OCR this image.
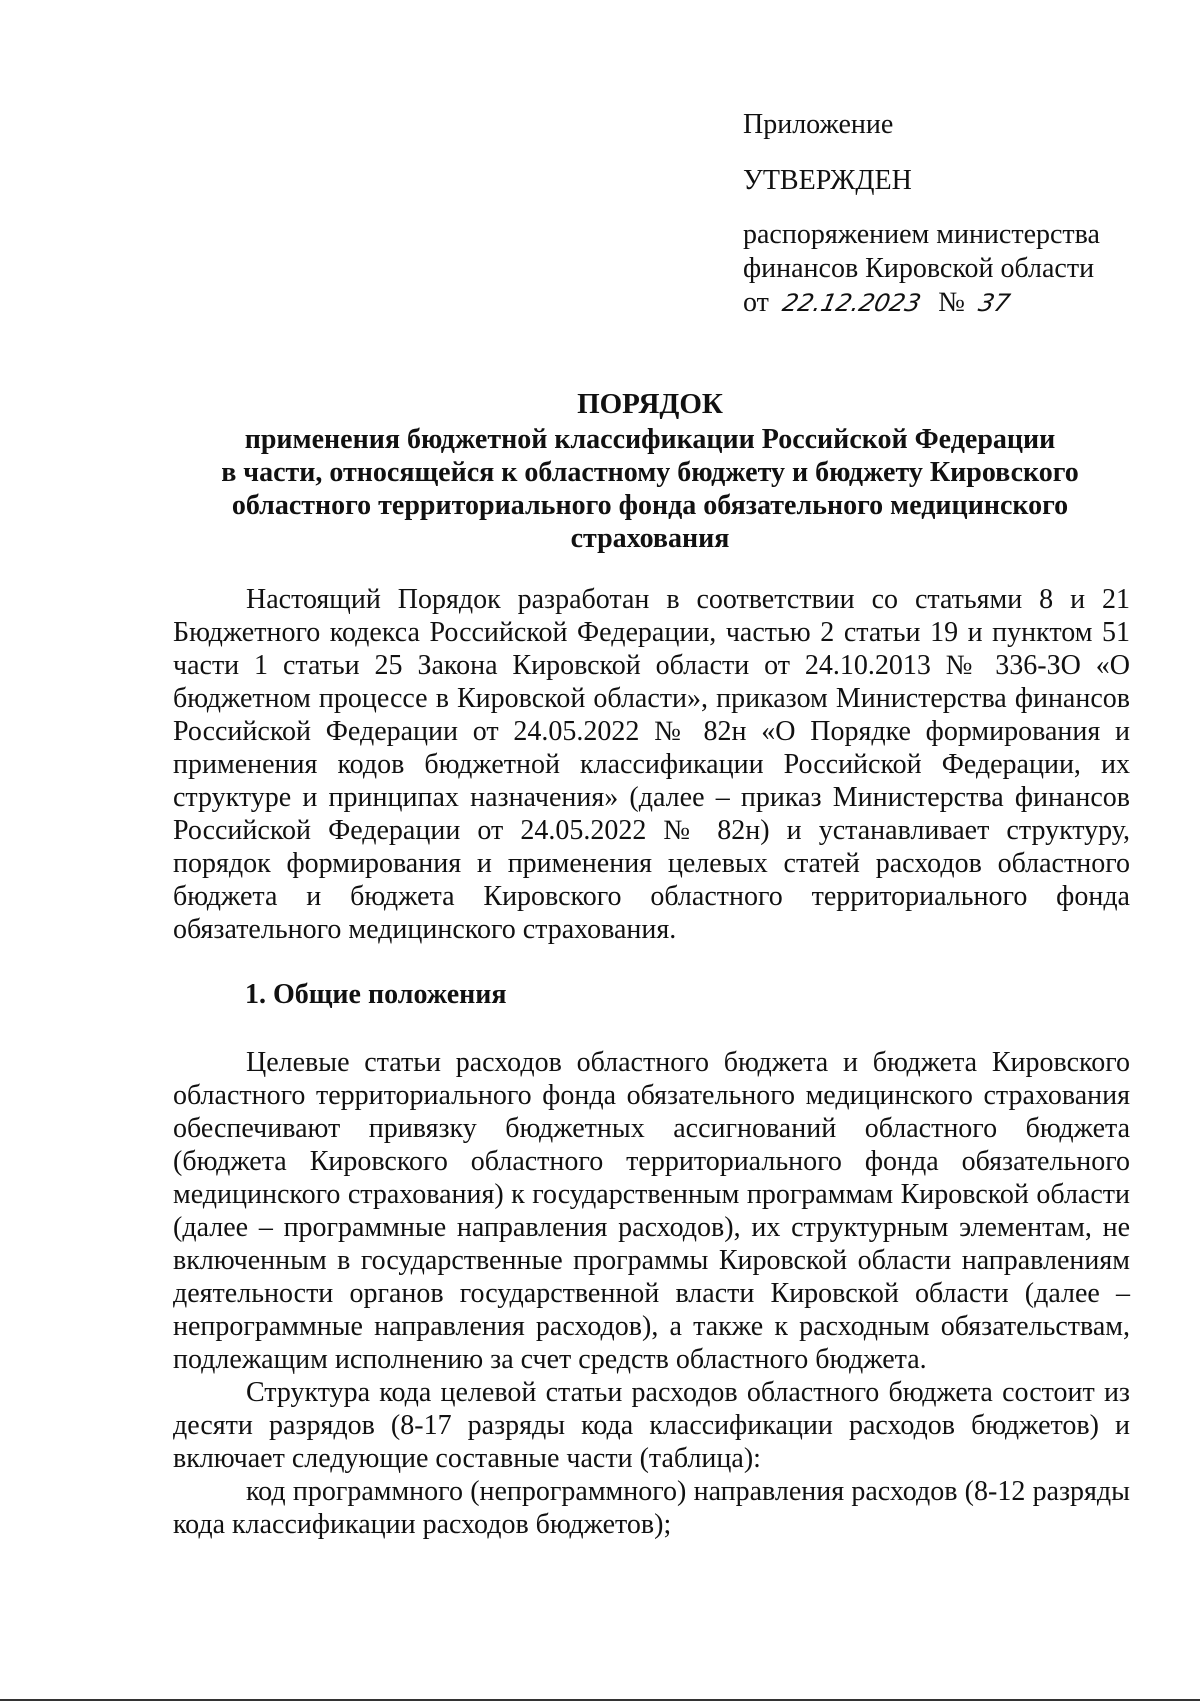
Приложение
УТВЕРЖДЕН
распоряжением министерства
финансов Кировской области
от 22.12.2023 № 37
ПОРЯДОК
применения бюджетной классификации Российской Федерации
в части, относящейся к областному бюджету и бюджету Кировского
областного территориального фонда обязательного медицинского
страхования

Настоящий Порядок разработан в соответствии со статьями 8 и 21 Бюджетного кодекса Российской Федерации, частью 2 статьи 19 и пунктом 51 части 1 статьи 25 Закона Кировской области от 24.10.2013 № 336-ЗО «О бюджетном процессе в Кировской области», приказом Министерства финансов Российской Федерации от 24.05.2022 № 82н «О Порядке формирования и применения кодов бюджетной классификации Российской Федерации, их структуре и принципах назначения» (далее – приказ Министерства финансов Российской Федерации от 24.05.2022 № 82н) и устанавливает структуру, порядок формирования и применения целевых статей расходов областного бюджета и бюджета Кировского областного территориального фонда обязательного медицинского страхования.

1. Общие положения

Целевые статьи расходов областного бюджета и бюджета Кировского областного территориального фонда обязательного медицинского страхования обеспечивают привязку бюджетных ассигнований областного бюджета (бюджета Кировского областного территориального фонда обязательного медицинского страхования) к государственным программам Кировской области (далее – программные направления расходов), их структурным элементам, не включенным в государственные программы Кировской области направлениям деятельности органов государственной власти Кировской области (далее – непрограммные направления расходов), а также к расходным обязательствам, подлежащим исполнению за счет средств областного бюджета.

Структура кода целевой статьи расходов областного бюджета состоит из десяти разрядов (8-17 разряды кода классификации расходов бюджетов) и включает следующие составные части (таблица):

код программного (непрограммного) направления расходов (8-12 разряды кода классификации расходов бюджетов);
